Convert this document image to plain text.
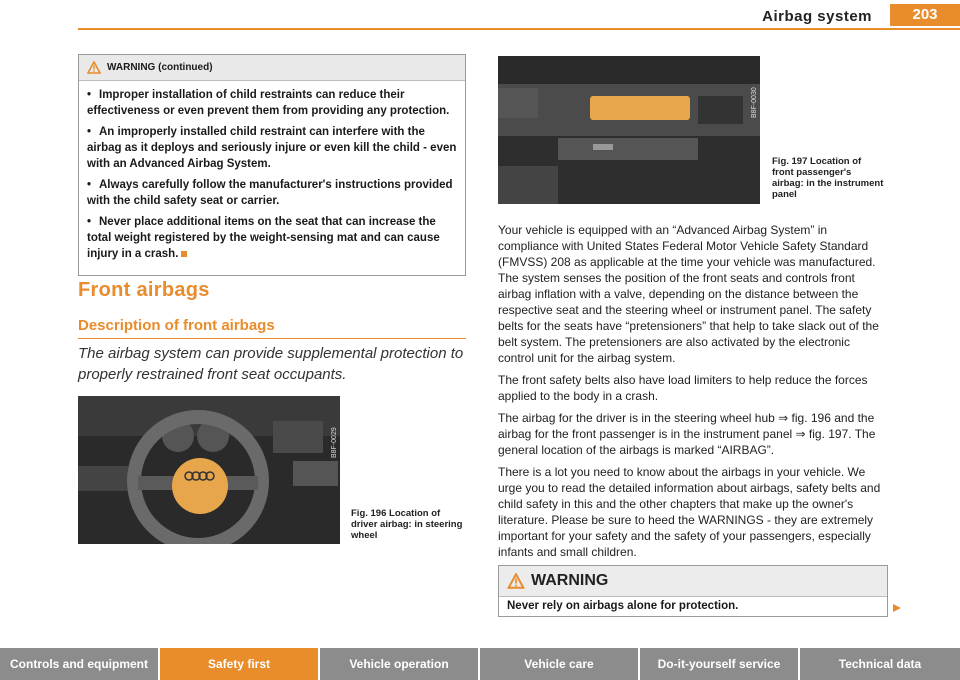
Airbag system	203
WARNING (continued)

• Improper installation of child restraints can reduce their effectiveness or even prevent them from providing any protection.

• An improperly installed child restraint can interfere with the airbag as it deploys and seriously injure or even kill the child - even with an Advanced Airbag System.

• Always carefully follow the manufacturer's instructions provided with the child safety seat or carrier.

• Never place additional items on the seat that can increase the total weight registered by the weight-sensing mat and can cause injury in a crash.

Front airbags
Description of front airbags
The airbag system can provide supplemental protection to properly restrained front seat occupants.
B8F-0029
Fig. 196 Location of driver airbag: in steering wheel
B8F-0030
Fig. 197 Location of front passenger's airbag: in the instrument panel

Your vehicle is equipped with an “Advanced Airbag System” in compliance with United States Federal Motor Vehicle Safety Standard (FMVSS) 208 as applicable at the time your vehicle was manufactured. The system senses the position of the front seats and controls front airbag inflation with a valve, depending on the distance between the respective seat and the steering wheel or instrument panel. The safety belts for the seats have “pretensioners” that help to take slack out of the belt system. The pretensioners are also activated by the electronic control unit for the airbag system.

The front safety belts also have load limiters to help reduce the forces applied to the body in a crash.

The airbag for the driver is in the steering wheel hub ⇒ fig. 196 and the airbag for the front passenger is in the instrument panel ⇒ fig. 197. The general location of the airbags is marked “AIRBAG”.

There is a lot you need to know about the airbags in your vehicle. We urge you to read the detailed information about airbags, safety belts and child safety in this and the other chapters that make up the owner's literature. Please be sure to heed the WARNINGS - they are extremely important for your safety and the safety of your passengers, especially infants and small children.

WARNING
Never rely on airbags alone for protection.
Controls and equipment	Safety first	Vehicle operation	Vehicle care	Do-it-yourself service	Technical data
